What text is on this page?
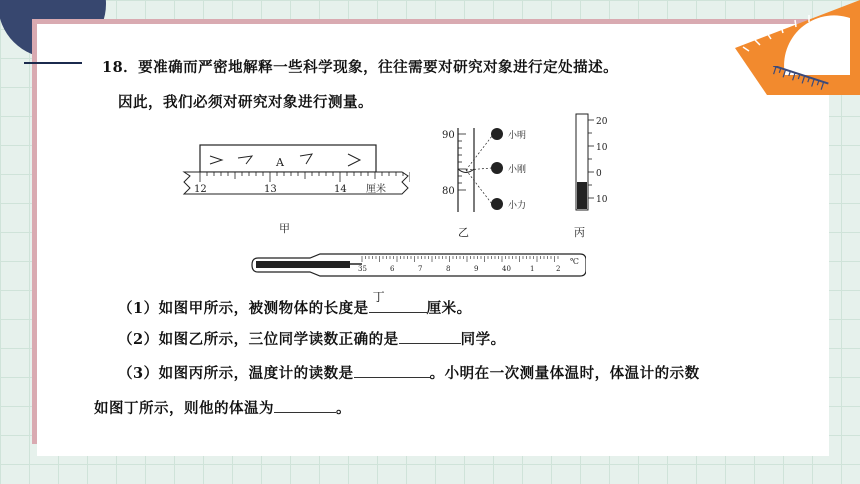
18．要准确而严密地解释一些科学现象，往往需要对研究对象进行定处描述。
因此，我们必须对研究对象进行测量。
A
12	13	14 厘米
甲
90
80
小明
小刚
小力
乙
20
10
0
10
丙
35	6	7	8	9	40	1	2
℃
（1）如图甲所示，被测物体的长度是
丁
厘米。
（2）如图乙所示，三位同学读数正确的是	同学。
（3）如图丙所示，温度计的读数是	。小明在一次测量体温时，体温计的示数
如图丁所示，则他的体温为	。
